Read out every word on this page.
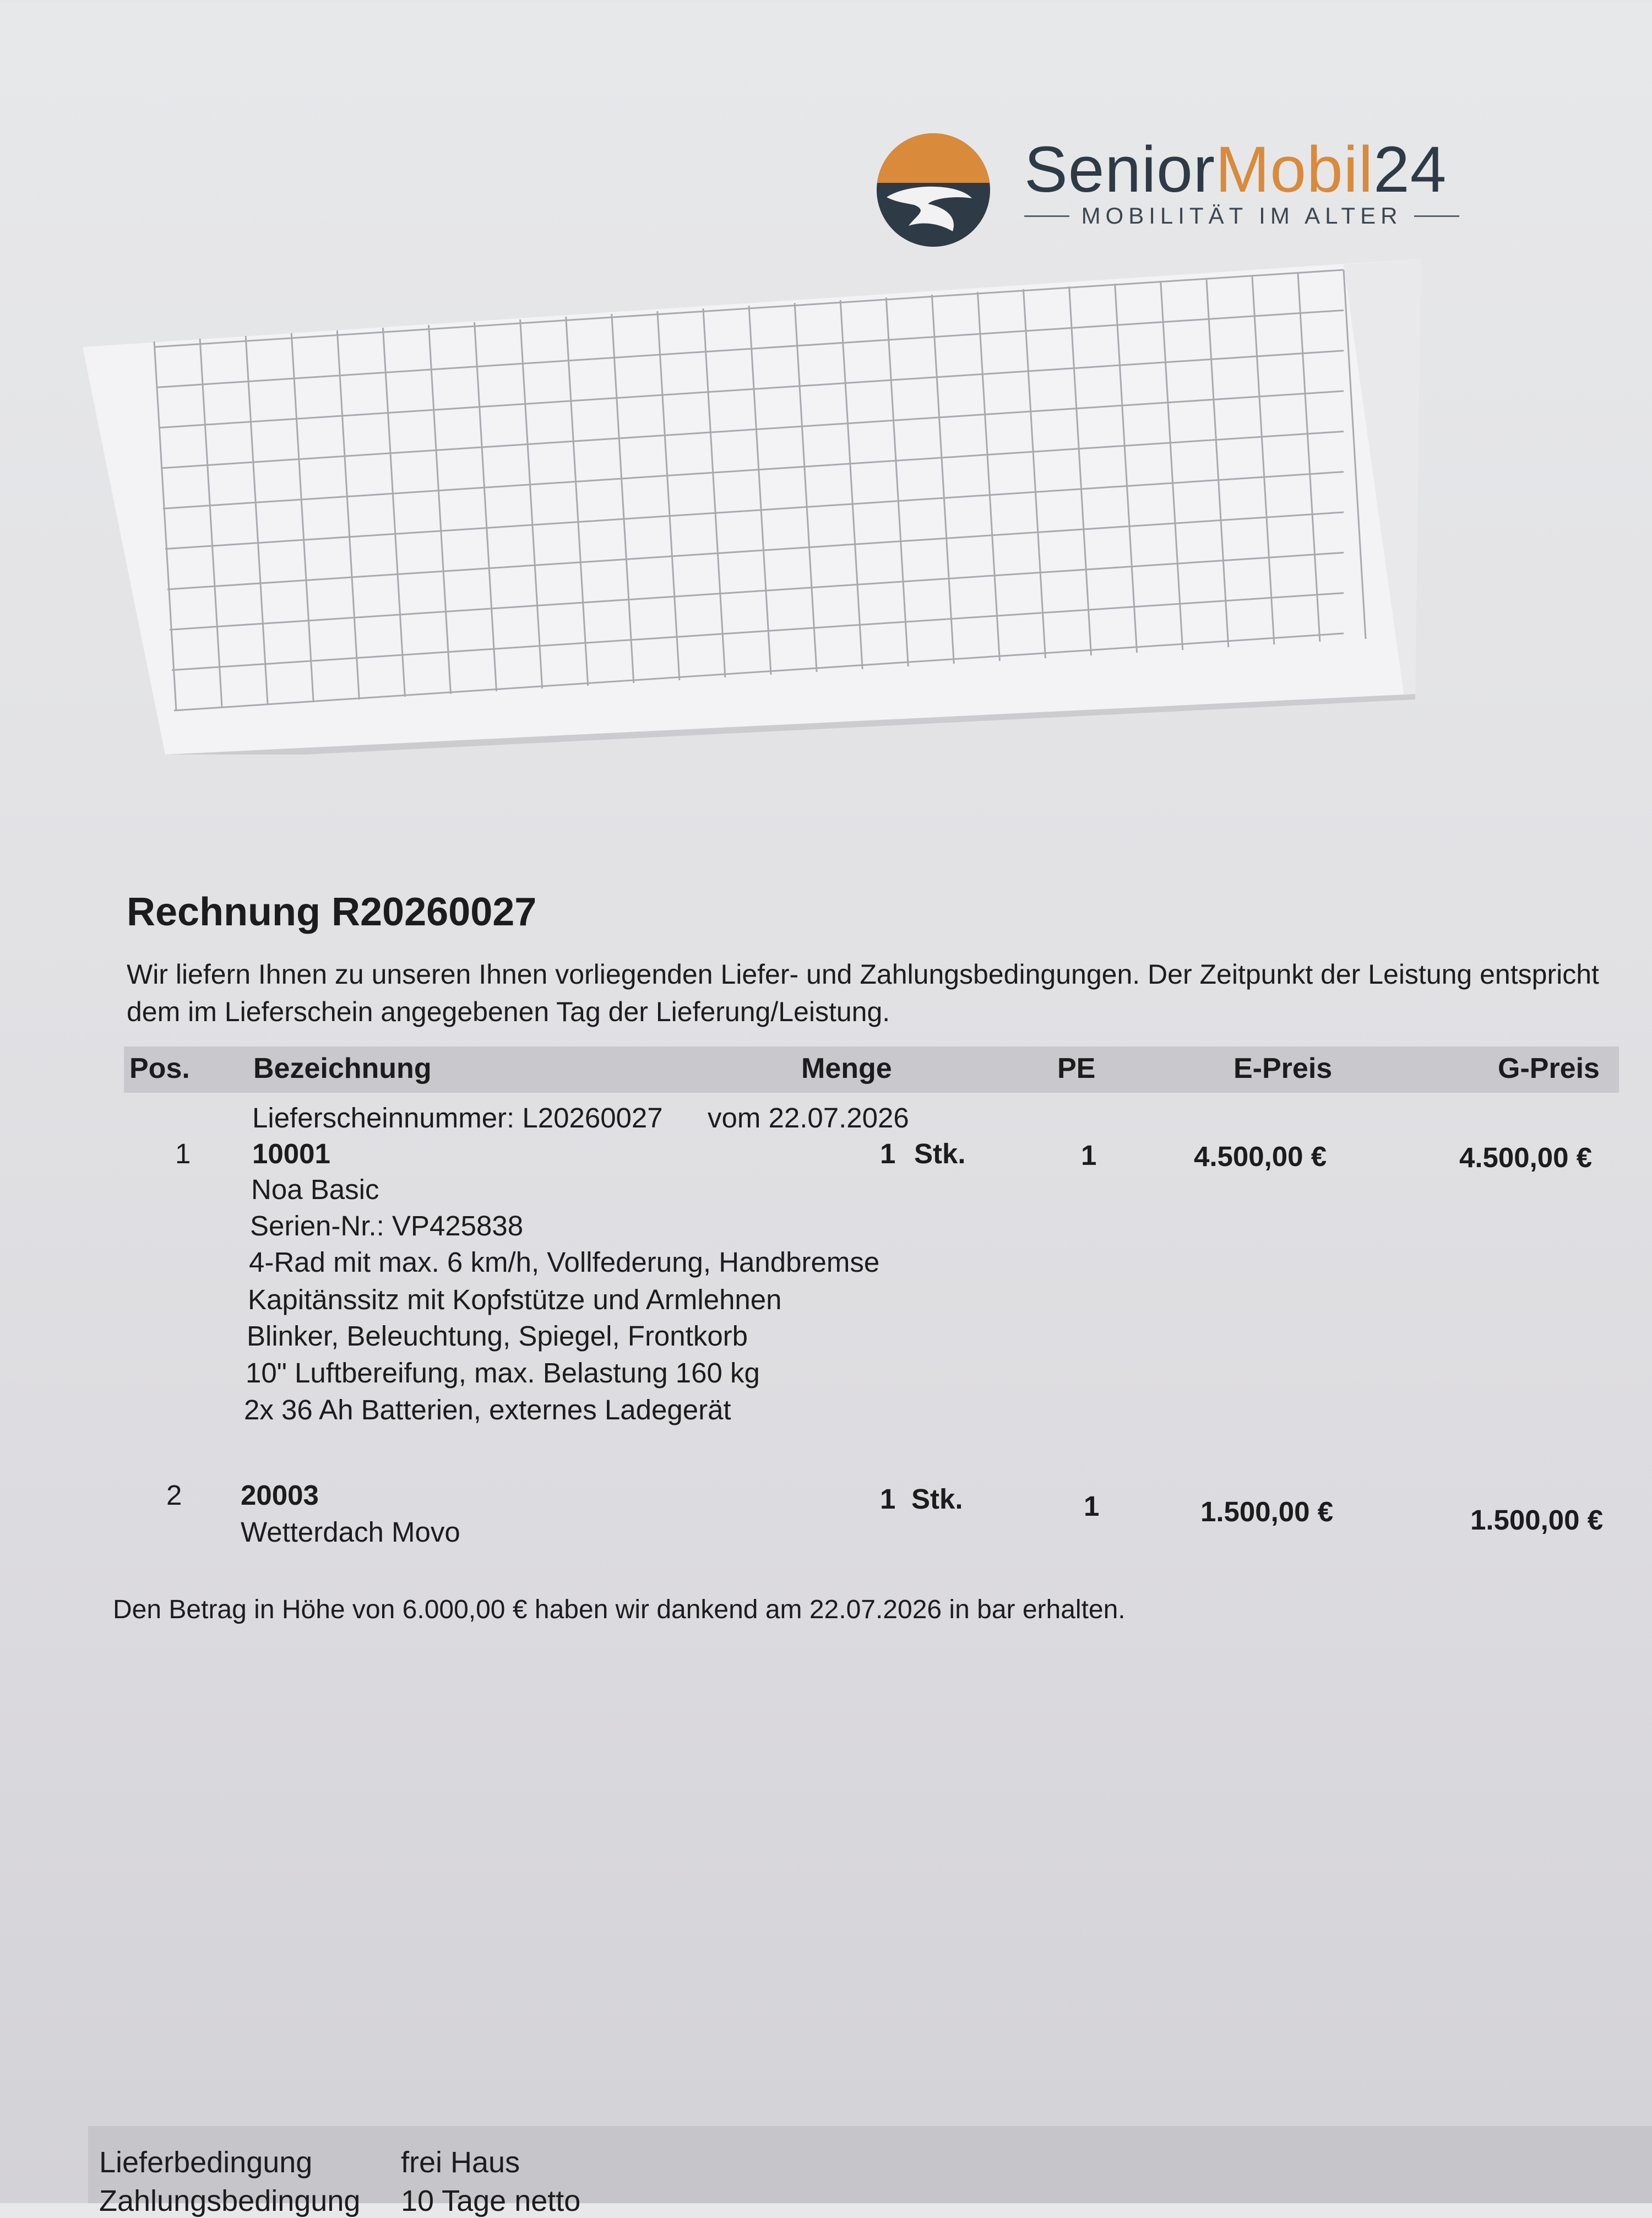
SeniorMobil24
MOBILITÄT IM ALTER
Rechnung R20260027
Wir liefern Ihnen zu unseren Ihnen vorliegenden Liefer- und Zahlungsbedingungen. Der Zeitpunkt der Leistung entspricht dem im Lieferschein angegebenen Tag der Lieferung/Leistung.
Pos. Bezeichnung	Menge	PE	E-Preis	G-Preis
Lieferscheinnummer: L20260027 vom 22.07.2026
1 10001	1 Stk.	1	4.500,00 €	4.500,00 €
Noa Basic
Serien-Nr.: VP425838
4-Rad mit max. 6 km/h, Vollfederung, Handbremse
Kapitänssitz mit Kopfstütze und Armlehnen
Blinker, Beleuchtung, Spiegel, Frontkorb
10" Luftbereifung, max. Belastung 160 kg
2x 36 Ah Batterien, externes Ladegerät
2 20003	1 Stk.	1	1.500,00 €	1.500,00 €
Wetterdach Movo
Den Betrag in Höhe von 6.000,00 € haben wir dankend am 22.07.2026 in bar erhalten.
Lieferbedingung	frei Haus
Zahlungsbedingung 10 Tage netto
